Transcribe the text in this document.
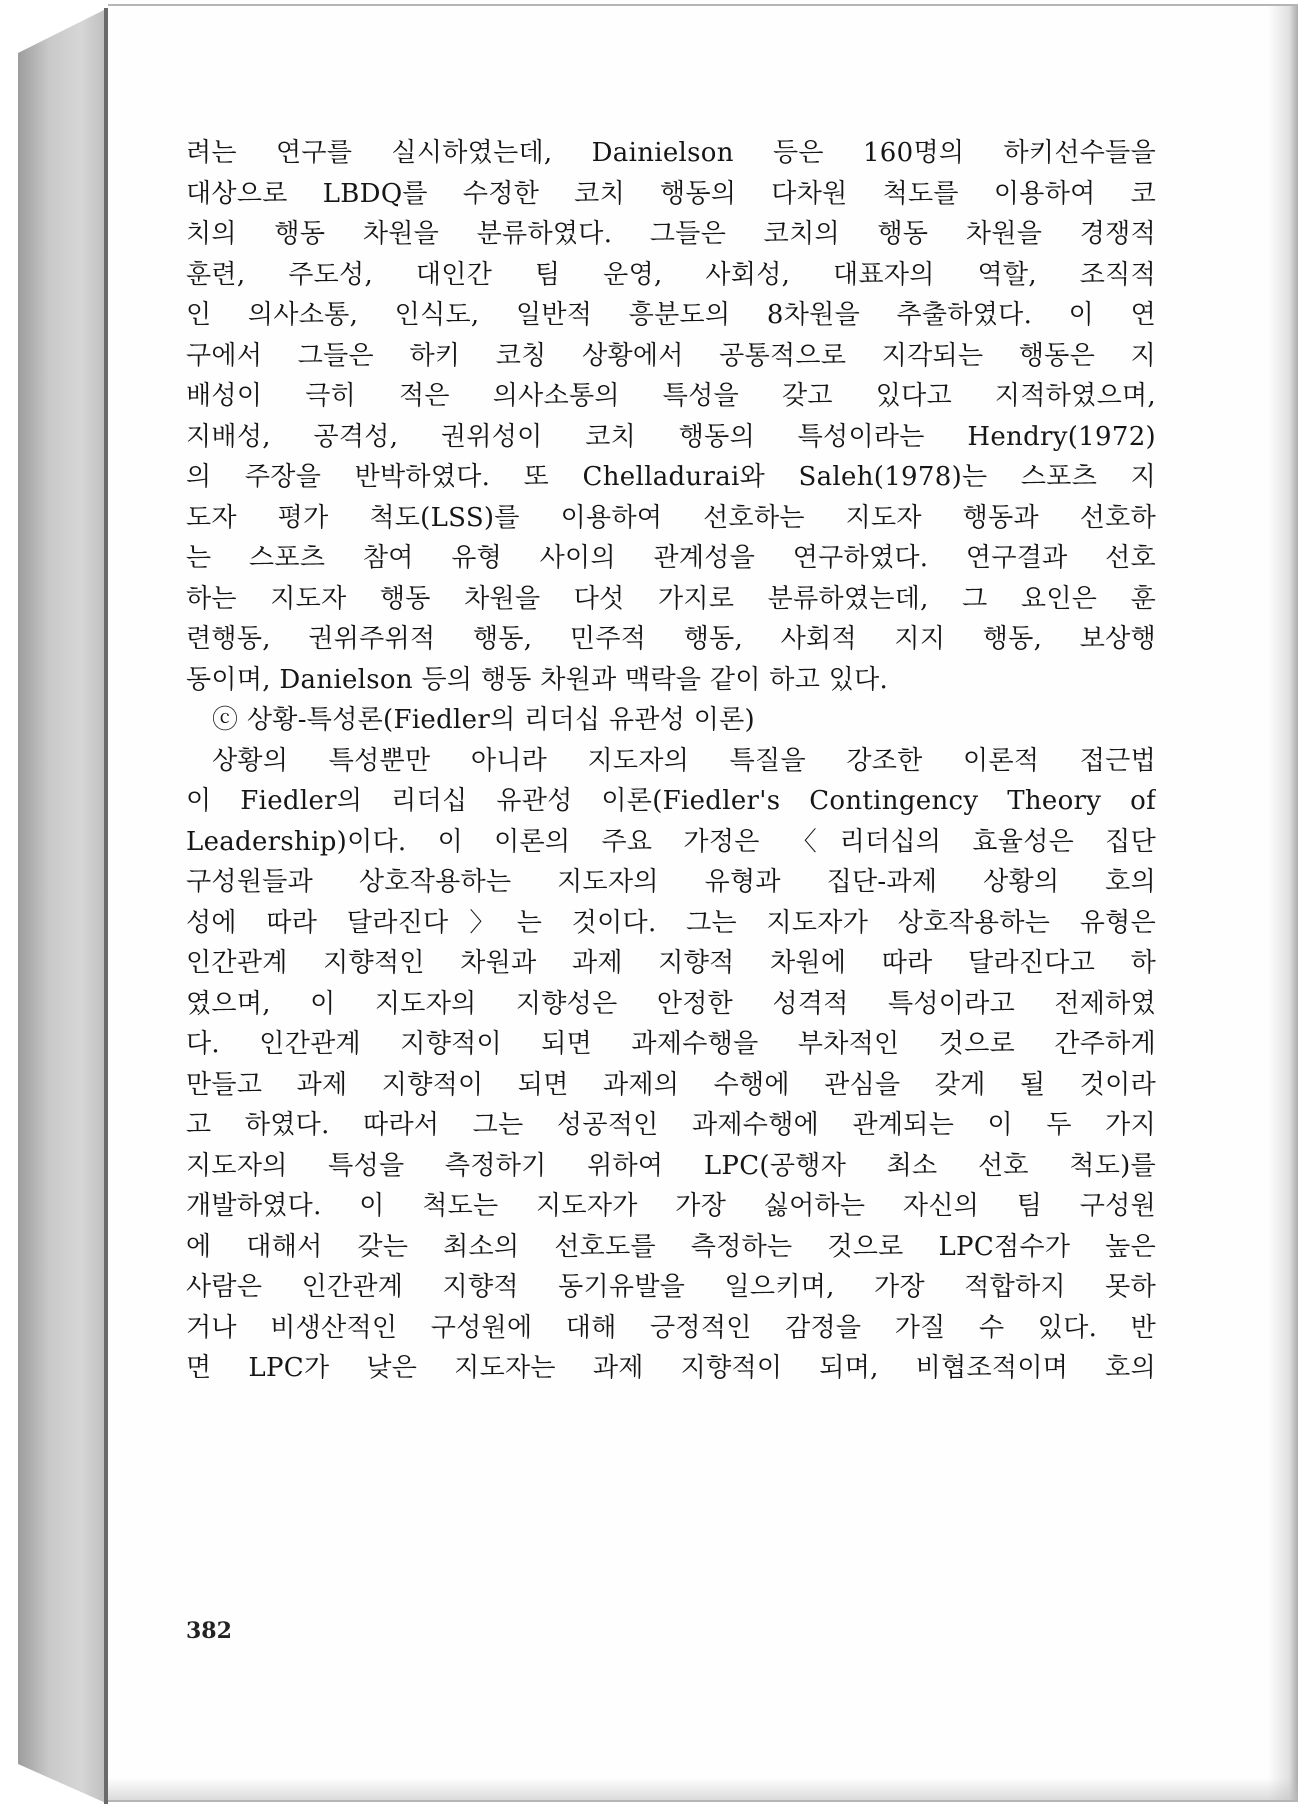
려는 연구를 실시하였는데, Dainielson 등은 160명의 하키선수들을
대상으로 LBDQ를 수정한 코치 행동의 다차원 척도를 이용하여 코
치의 행동 차원을 분류하였다. 그들은 코치의 행동 차원을 경쟁적
훈련, 주도성, 대인간 팀 운영, 사회성, 대표자의 역할, 조직적
인 의사소통, 인식도, 일반적 흥분도의 8차원을 추출하였다. 이 연
구에서 그들은 하키 코칭 상황에서 공통적으로 지각되는 행동은 지
배성이 극히 적은 의사소통의 특성을 갖고 있다고 지적하였으며,
지배성, 공격성, 권위성이 코치 행동의 특성이라는 Hendry(1972)
의 주장을 반박하였다. 또 Chelladurai와 Saleh(1978)는 스포츠 지
도자 평가 척도(LSS)를 이용하여 선호하는 지도자 행동과 선호하
는 스포츠 참여 유형 사이의 관계성을 연구하였다. 연구결과 선호
하는 지도자 행동 차원을 다섯 가지로 분류하였는데, 그 요인은 훈
련행동, 권위주위적 행동, 민주적 행동, 사회적 지지 행동, 보상행
동이며, Danielson 등의 행동 차원과 맥락을 같이 하고 있다.
ⓒ 상황-특성론(Fiedler의 리더십 유관성 이론)
상황의 특성뿐만 아니라 지도자의 특질을 강조한 이론적 접근법
이 Fiedler의 리더십 유관성 이론(Fiedler's Contingency Theory of
Leadership)이다. 이 이론의 주요 가정은 〈리더십의 효율성은 집단
구성원들과 상호작용하는 지도자의 유형과 집단-과제 상황의 호의
성에 따라 달라진다〉는 것이다. 그는 지도자가 상호작용하는 유형은
인간관계 지향적인 차원과 과제 지향적 차원에 따라 달라진다고 하
였으며, 이 지도자의 지향성은 안정한 성격적 특성이라고 전제하였
다. 인간관계 지향적이 되면 과제수행을 부차적인 것으로 간주하게
만들고 과제 지향적이 되면 과제의 수행에 관심을 갖게 될 것이라
고 하였다. 따라서 그는 성공적인 과제수행에 관계되는 이 두 가지
지도자의 특성을 측정하기 위하여 LPC(공행자 최소 선호 척도)를
개발하였다. 이 척도는 지도자가 가장 싫어하는 자신의 팀 구성원
에 대해서 갖는 최소의 선호도를 측정하는 것으로 LPC점수가 높은
사람은 인간관계 지향적 동기유발을 일으키며, 가장 적합하지 못하
거나 비생산적인 구성원에 대해 긍정적인 감정을 가질 수 있다. 반
면 LPC가 낮은 지도자는 과제 지향적이 되며, 비협조적이며 호의
382
